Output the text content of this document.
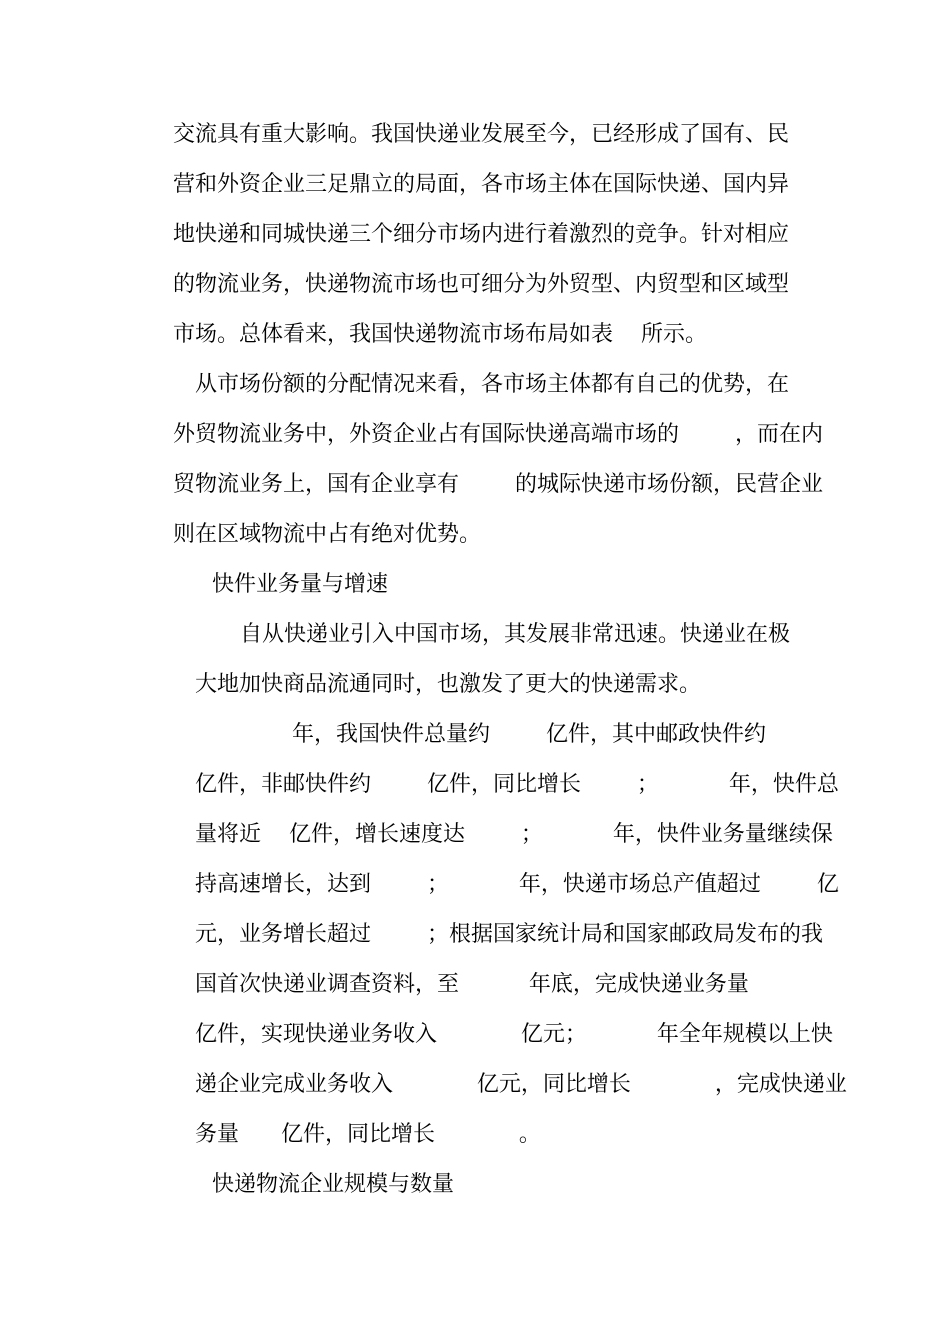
交流具有重大影响。我国快递业发展至今，已经形成了国有、民
营和外资企业三足鼎立的局面，各市场主体在国际快递、国内异
地快递和同城快递三个细分市场内进行着激烈的竞争。针对相应
的物流业务，快递物流市场也可细分为外贸型、内贸型和区域型
市场。总体看来，我国快递物流市场布局如表    所示。
从市场份额的分配情况来看，各市场主体都有自己的优势，在
外贸物流业务中，外资企业占有国际快递高端市场的        ，而在内
贸物流业务上，国有企业享有        的城际快递市场份额，民营企业
则在区域物流中占有绝对优势。
快件业务量与增速
自从快递业引入中国市场，其发展非常迅速。快递业在极
大地加快商品流通同时，也激发了更大的快递需求。
年，我国快件总量约        亿件，其中邮政快件约
亿件，非邮快件约        亿件，同比增长        ；          年，快件总
量将近    亿件，增长速度达        ；          年，快件业务量继续保
持高速增长，达到        ；          年，快递市场总产值超过        亿
元，业务增长超过        ；根据国家统计局和国家邮政局发布的我
国首次快递业调查资料，至          年底，完成快递业务量
亿件，实现快递业务收入            亿元；          年全年规模以上快
递企业完成业务收入            亿元，同比增长            ，完成快递业
务量      亿件，同比增长            。
快递物流企业规模与数量
